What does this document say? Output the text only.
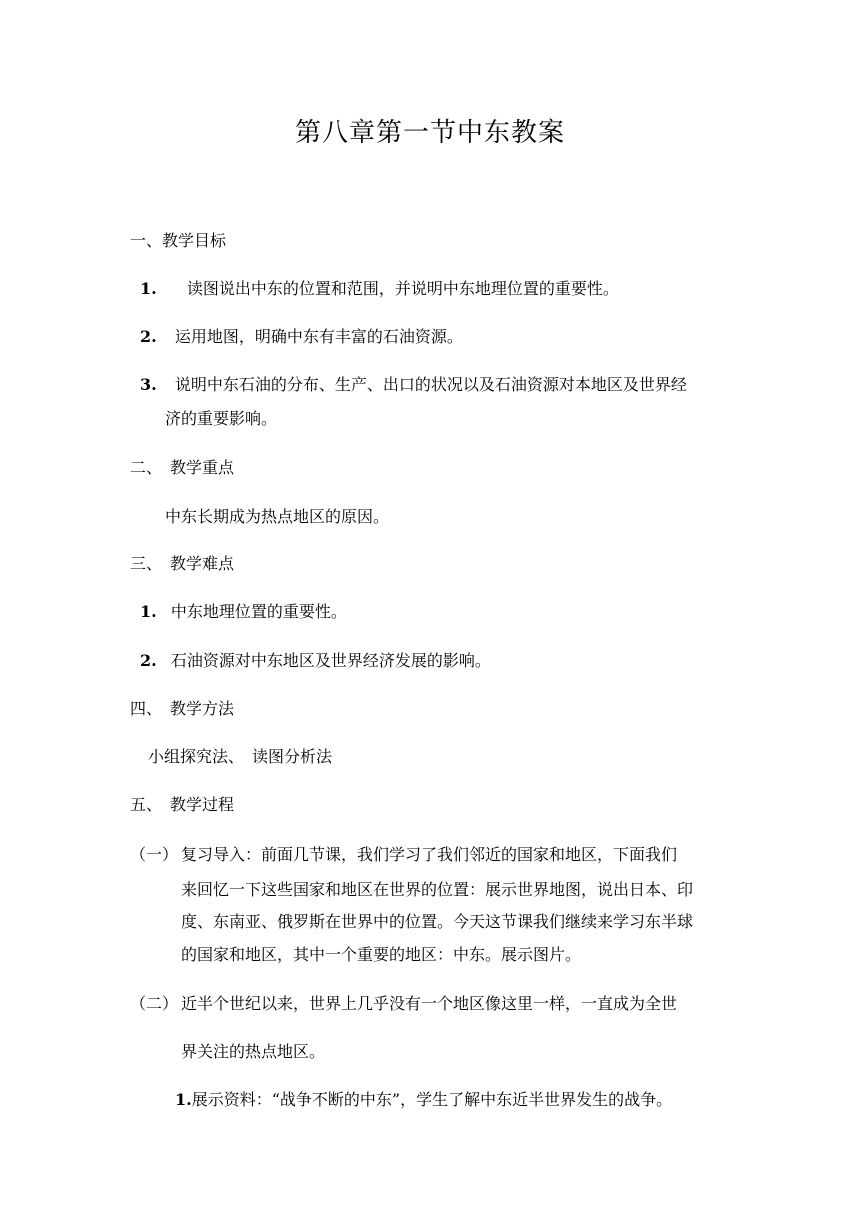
第八章第一节中东教案
一、教学目标
1. 读图说出中东的位置和范围，并说明中东地理位置的重要性。
2. 运用地图，明确中东有丰富的石油资源。
3. 说明中东石油的分布、生产、出口的状况以及石油资源对本地区及世界经
济的重要影响。
二、　教学重点
中东长期成为热点地区的原因。
三、　教学难点
1. 中东地理位置的重要性。
2. 石油资源对中东地区及世界经济发展的影响。
四、　教学方法
小组探究法、　读图分析法
五、　教学过程
（一） 复习导入：前面几节课，我们学习了我们邻近的国家和地区，下面我们
来回忆一下这些国家和地区在世界的位置：展示世界地图，说出日本、印
度、东南亚、俄罗斯在世界中的位置。今天这节课我们继续来学习东半球
的国家和地区，其中一个重要的地区：中东。展示图片。
（二） 近半个世纪以来，世界上几乎没有一个地区像这里一样，一直成为全世
界关注的热点地区。
1.展示资料：“战争不断的中东”，学生了解中东近半世界发生的战争。
